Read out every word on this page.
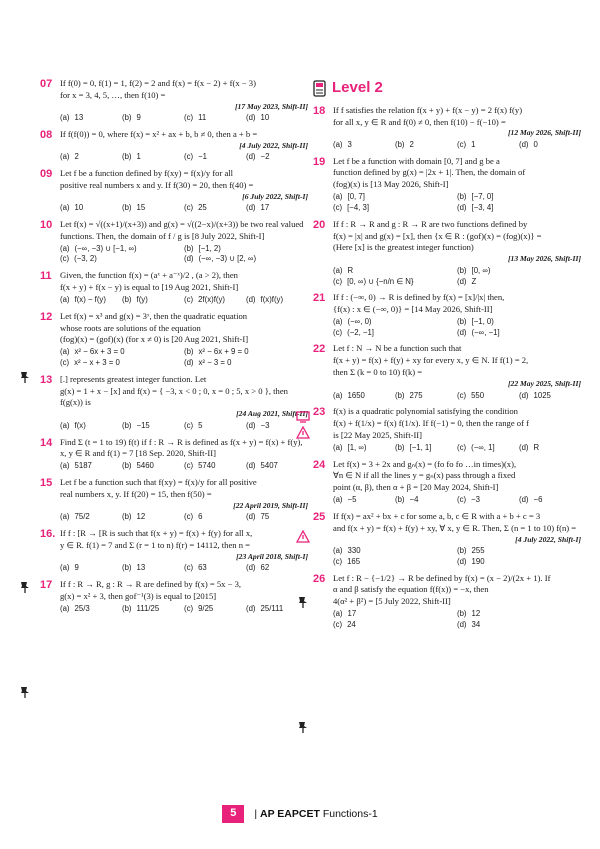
07 If f(0) = 0, f(1) = 1, f(2) = 2 and f(x) = f(x − 2) + f(x − 3)
for x = 3, 4, 5, …, then f(10) =
[17 May 2023, Shift-II]
(a) 13	(b) 9	(c) 11	(d) 10
08 If f(f(0)) = 0, where f(x) = x² + ax + b, b ≠ 0, then a + b =
[4 July 2022, Shift-II]
(a) 2	(b) 1	(c) −1	(d) −2
09 Let f be a function defined by f(xy) = f(x)/y for all
positive real numbers x and y. If f(30) = 20, then f(40) =
[6 July 2022, Shift-I]
(a) 10	(b) 15	(c) 25	(d) 17
10 Let f(x) = √((x+1)/(x+3)) and g(x) = √((2−x)/(x+3)) be two real valued
functions. Then, the domain of f / g is [8 July 2022, Shift-I]
(a) (−∞, −3) ∪ [−1, ∞)	(b) [−1, 2)
(c) (−3, 2)	(d) (−∞, −3) ∪ [2, ∞)
11 Given, the function f(x) = (aˣ + a⁻ˣ)/2 , (a > 2), then
f(x + y) + f(x − y) is equal to [19 Aug 2021, Shift-I]
(a) f(x) − f(y)	(b) f(y)	(c) 2f(x)f(y)	(d) f(x)f(y)
12 Let f(x) = x³ and g(x) = 3ˣ, then the quadratic equation
whose roots are solutions of the equation
(fog)(x) = (gof)(x) (for x ≠ 0) is [20 Aug 2021, Shift-I]
(a) x² − 6x + 3 = 0	(b) x² − 6x + 9 = 0
(c) x² − x + 3 = 0	(d) x² − 3 = 0
13 [.] represents greatest integer function. Let
g(x) = 1 + x − [x] and f(x) = { −3, x < 0 ; 0, x = 0 ; 5, x > 0 }, then f(g(x)) is
[24 Aug 2021, Shift-II]
(a) f(x)	(b) −15	(c) 5	(d) −3
14 Find Σ (t = 1 to 19) f(t) if f : R → R is defined as f(x + y) = f(x) + f(y),
x, y ∈ R and f(1) = 7 [18 Sep. 2020, Shift-II]
(a) 5187	(b) 5460	(c) 5740	(d) 5407
15 Let f be a function such that f(xy) = f(x)/y for all positive
real numbers x, y. If f(20) = 15, then f(50) =
[22 April 2019, Shift-II]
(a) 75/2	(b) 12	(c) 6	(d) 75
16. If f : [R → [R is such that f(x + y) = f(x) + f(y) for all x,
y ∈ R. f(1) = 7 and Σ (r = 1 to n) f(r) = 14112, then n =
[23 April 2018, Shift-I]
(a) 9	(b) 13	(c) 63	(d) 62
17 If f : R → R, g : R → R are defined by f(x) = 5x − 3,
g(x) = x² + 3, then gof⁻¹(3) is equal to [2015]
(a) 25/3	(b) 111/25	(c) 9/25	(d) 25/111
Level 2
18 If f satisfies the relation f(x + y) + f(x − y) = 2 f(x) f(y)
for all x, y ∈ R and f(0) ≠ 0, then f(10) − f(−10) =
[12 May 2026, Shift-II]
(a) 3	(b) 2	(c) 1	(d) 0
19 Let f be a function with domain [0, 7] and g be a
function defined by g(x) = |2x + 1|. Then, the domain of
(fog)(x) is [13 May 2026, Shift-I]
(a) [0, 7]	(b) [−7, 0]
(c) [−4, 3]	(d) [−3, 4]
20 If f : R → R and g : R → R are two functions defined by
f(x) = |x| and g(x) = [x], then {x ∈ R : (gof)(x) = (fog)(x)} =
(Here [x] is the greatest integer function)
[13 May 2026, Shift-II]
(a) R	(b) [0, ∞)
(c) [0, ∞) ∪ {−n/n ∈ N}	(d) Z
21 If f : (−∞, 0) → R is defined by f(x) = [x]/|x| then,
{f(x) : x ∈ (−∞, 0)} = [14 May 2026, Shift-II]
(a) (−∞, 0)	(b) [−1, 0)
(c) (−2, −1]	(d) (−∞, −1]
22 Let f : N → N be a function such that
f(x + y) = f(x) + f(y) + xy for every x, y ∈ N. If f(1) = 2,
then Σ (k = 0 to 10) f(k) =
[22 May 2025, Shift-II]
(a) 1650	(b) 275	(c) 550	(d) 1025
23 f(x) is a quadratic polynomial satisfying the condition
f(x) + f(1/x) = f(x) f(1/x). If f(−1) = 0, then the range of f
is [22 May 2025, Shift-II]
(a) [1, ∞)	(b) [−1, 1]	(c) (−∞, 1]	(d) R
24 Let f(x) = 3 + 2x and gₙ(x) = (fo fo fo …in times)(x),
∀n ∈ N if all the lines y = gₙ(x) pass through a fixed
point (α, β), then α + β = [20 May 2024, Shift-I]
(a) −5	(b) −4	(c) −3	(d) −6
25 If f(x) = ax² + bx + c for some a, b, c ∈ R with a + b + c = 3
and f(x + y) = f(x) + f(y) + xy, ∀ x, y ∈ R. Then, Σ (n = 1 to 10) f(n) =
[4 July 2022, Shift-I]
(a) 330	(b) 255
(c) 165	(d) 190
26 Let f : R − {−1/2} → R be defined by f(x) = (x − 2)/(2x + 1). If
α and β satisfy the equation f(f(x)) = −x, then
4(α² + β²) = [5 July 2022, Shift-II]
(a) 17	(b) 12
(c) 24	(d) 34
5	| AP EAPCET Functions-1
